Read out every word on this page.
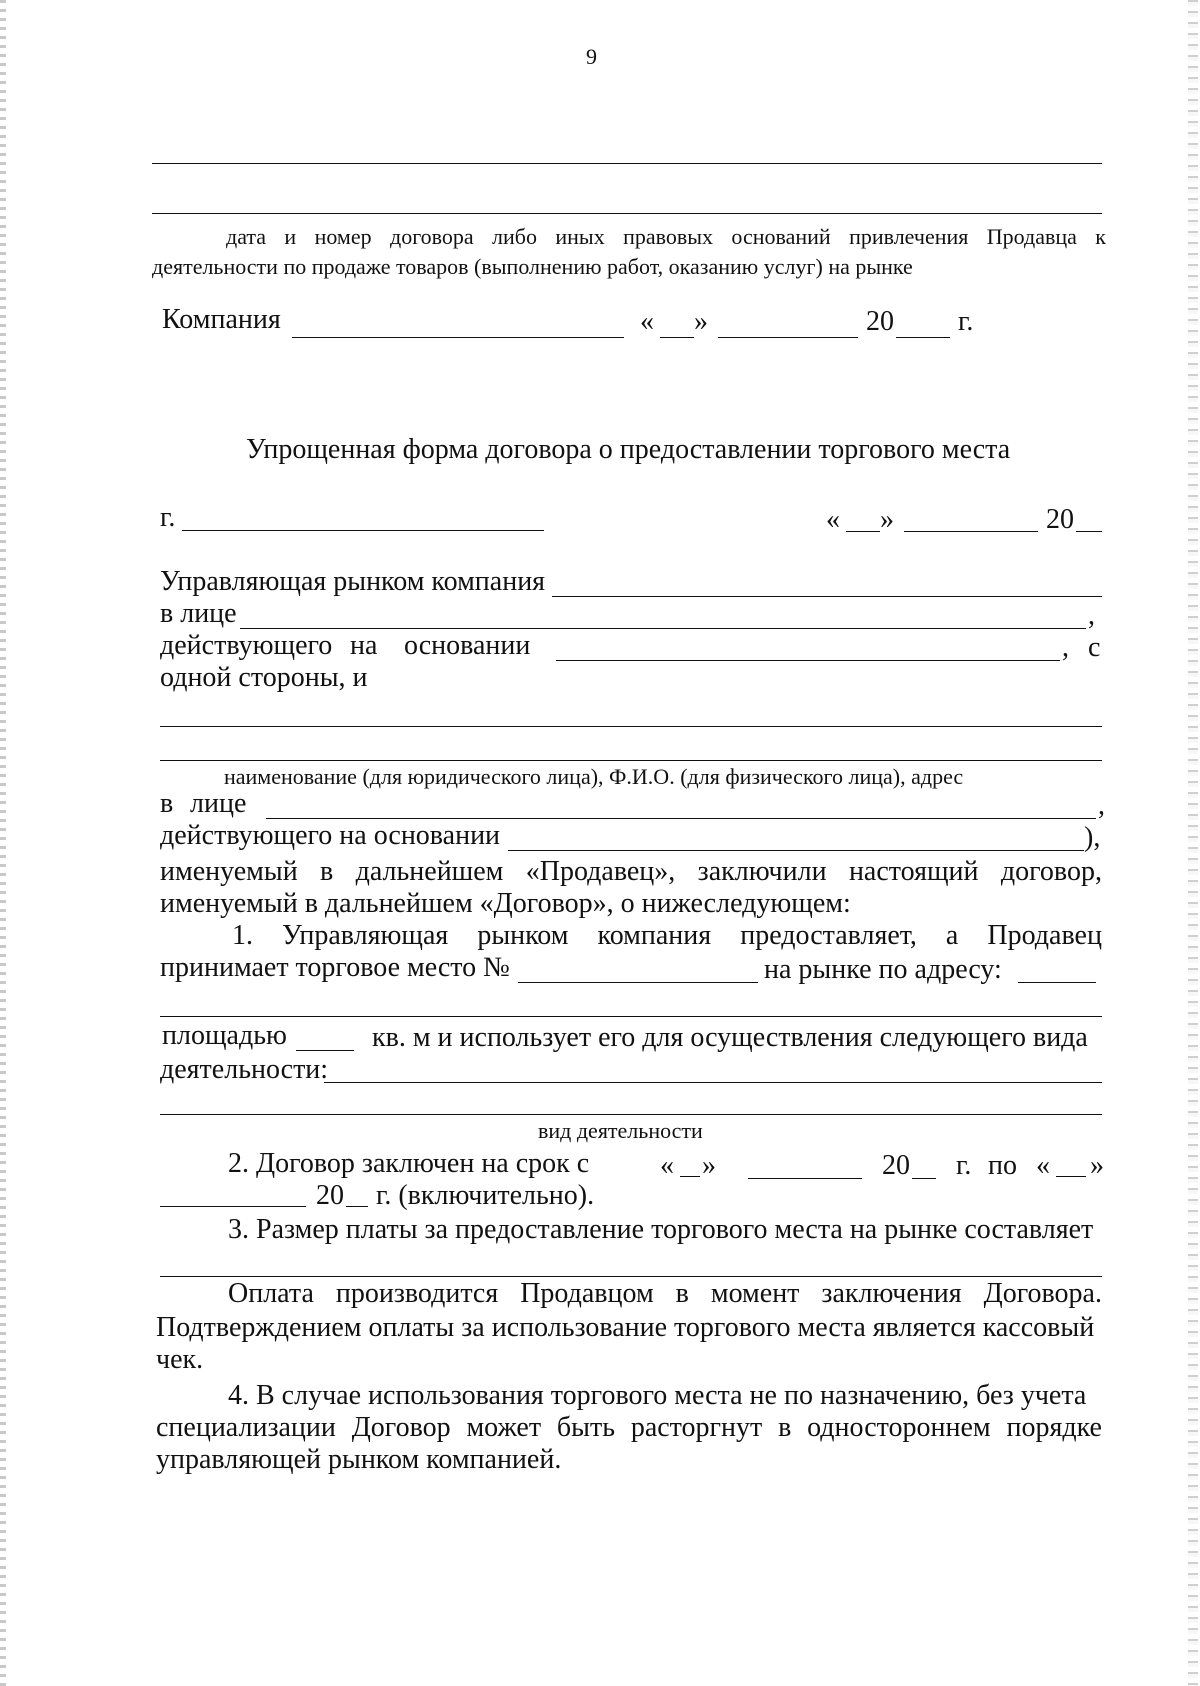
9
дата и номер договора либо иных правовых оснований привлечения Продавца к
деятельности по продаже товаров (выполнению работ, оказанию услуг) на рынке
Компания	« »	20 г.
Упрощенная форма договора о предоставлении торгового места
г.	« »	20
Управляющая рынком компания
в лице	,
действующего на основании	, с
одной стороны, и
наименование (для юридического лица), Ф.И.О. (для физического лица), адрес
в лице	,
действующего на основании	),
именуемый в дальнейшем «Продавец», заключили настоящий договор,
именуемый в дальнейшем «Договор», о нижеследующем:
1. Управляющая рынком компания предоставляет, а Продавец
принимает торговое место №	на рынке по адресу:
площадью	кв. м и использует его для осуществления следующего вида
деятельности:
вид деятельности
2. Договор заключен на срок с	« »	20 г. по « »
20 г. (включительно).
3. Размер платы за предоставление торгового места на рынке составляет
Оплата производится Продавцом в момент заключения Договора.
Подтверждением оплаты за использование торгового места является кассовый
чек.
4. В случае использования торгового места не по назначению, без учета
специализации Договор может быть расторгнут в одностороннем порядке
управляющей рынком компанией.
